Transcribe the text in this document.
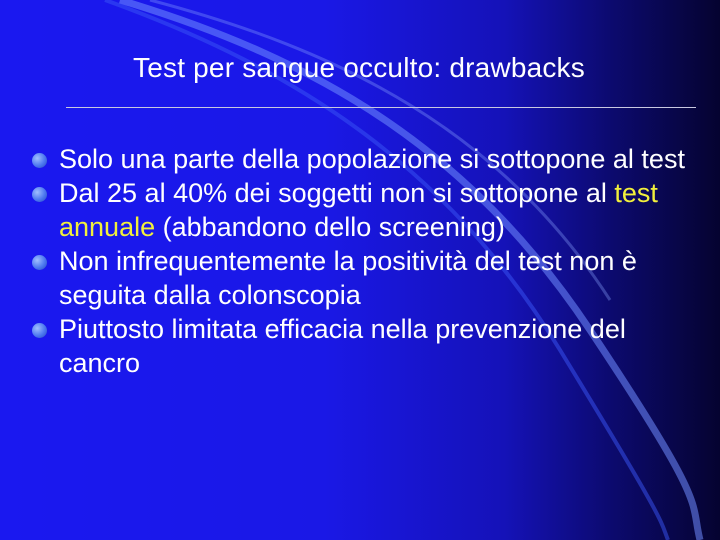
Test per sangue occulto: drawbacks
Solo una parte della popolazione si sottopone al test
Dal 25 al 40% dei soggetti non si sottopone al test annuale (abbandono dello screening)
Non infrequentemente la positività del test non è seguita dalla colonscopia
Piuttosto limitata efficacia nella prevenzione del cancro
